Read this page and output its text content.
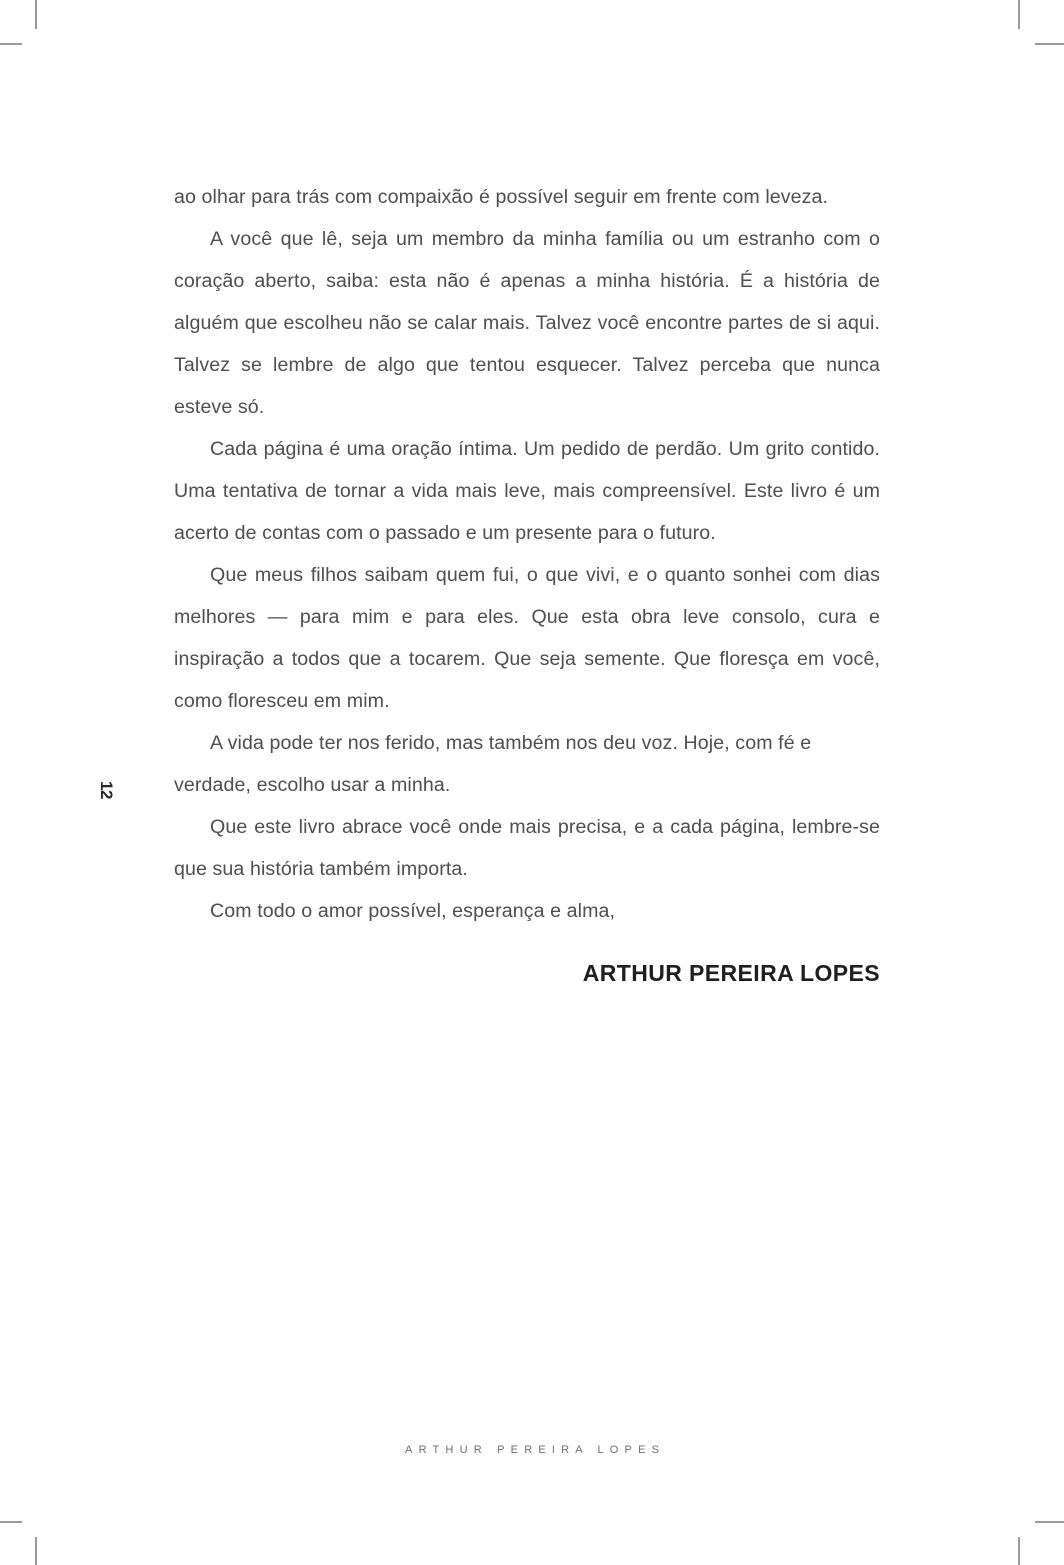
12

ao olhar para trás com compaixão é possível seguir em frente com leveza.

A você que lê, seja um membro da minha família ou um estranho com o coração aberto, saiba: esta não é apenas a minha história. É a história de alguém que escolheu não se calar mais. Talvez você encontre partes de si aqui. Talvez se lembre de algo que tentou esquecer. Talvez perceba que nunca esteve só.

Cada página é uma oração íntima. Um pedido de perdão. Um grito contido. Uma tentativa de tornar a vida mais leve, mais compreensível. Este livro é um acerto de contas com o passado e um presente para o futuro.

Que meus filhos saibam quem fui, o que vivi, e o quanto sonhei com dias melhores — para mim e para eles. Que esta obra leve consolo, cura e inspiração a todos que a tocarem. Que seja semente. Que floresça em você, como floresceu em mim.

A vida pode ter nos ferido, mas também nos deu voz. Hoje, com fé e verdade, escolho usar a minha.

Que este livro abrace você onde mais precisa, e a cada página, lembre-se que sua história também importa.

Com todo o amor possível, esperança e alma,

ARTHUR PEREIRA LOPES

ARTHUR PEREIRA LOPES
